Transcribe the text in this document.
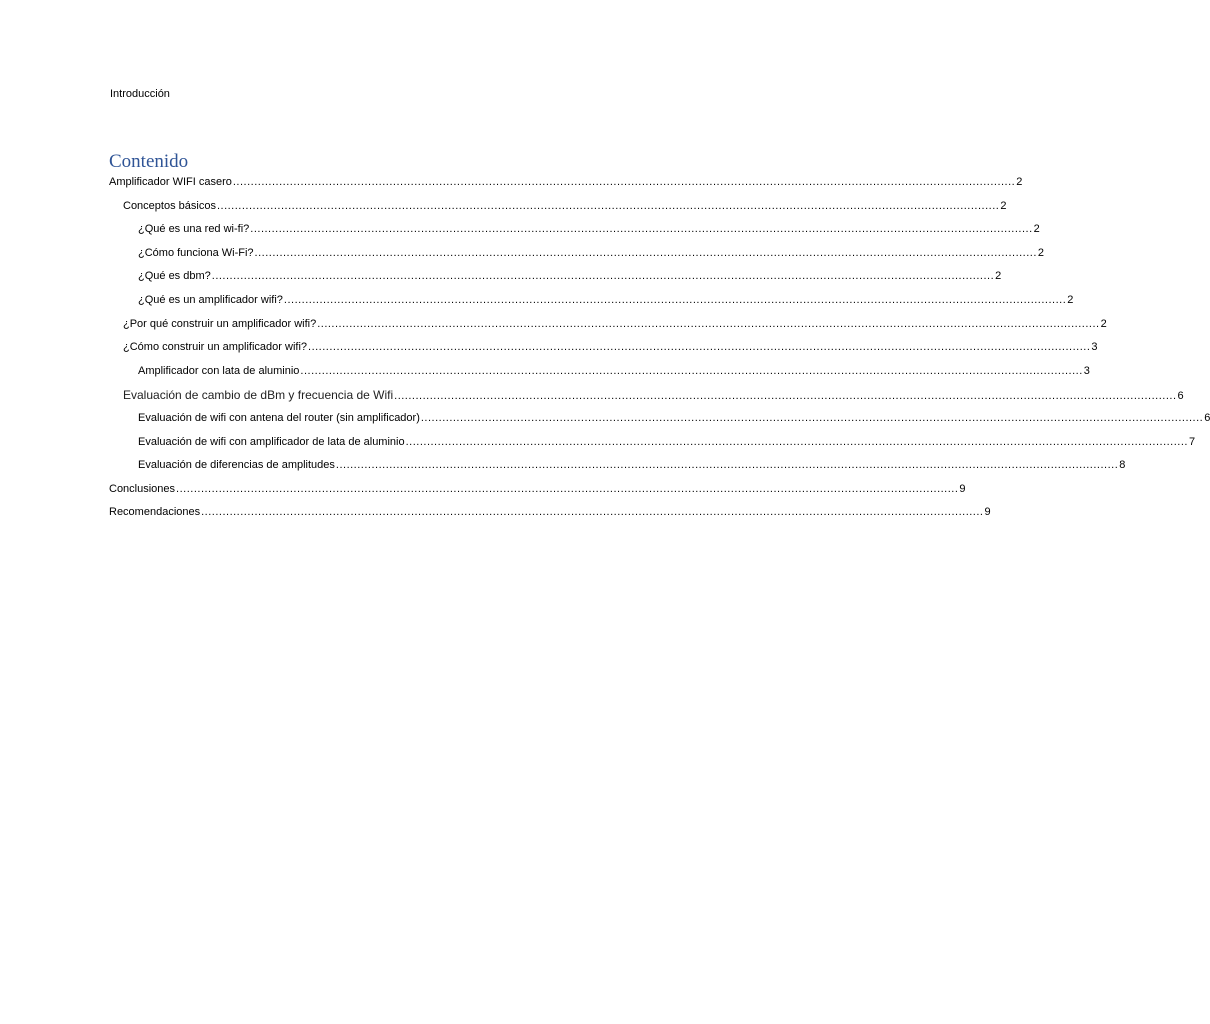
Introducción
Contenido
Amplificador WIFI casero ............................................................................................................................................................................................................................ 2
Conceptos básicos ............................................................................................................................................................................................................................ 2
¿Qué es una red wi-fi? ............................................................................................................................................................................................................................ 2
¿Cómo funciona Wi-Fi? ............................................................................................................................................................................................................................ 2
¿Qué es dbm? ............................................................................................................................................................................................................................ 2
¿Qué es un amplificador wifi? ............................................................................................................................................................................................................................ 2
¿Por qué construir un amplificador wifi? ............................................................................................................................................................................................................................ 2
¿Cómo construir un amplificador wifi? ............................................................................................................................................................................................................................ 3
Amplificador con lata de aluminio ............................................................................................................................................................................................................................ 3
Evaluación de cambio de dBm y frecuencia de Wifi ............................................................................................................................................................................................................................ 6
Evaluación de wifi con antena del router (sin amplificador) ............................................................................................................................................................................................................................ 6
Evaluación de wifi con amplificador de lata de aluminio ............................................................................................................................................................................................................................ 7
Evaluación de diferencias de amplitudes ............................................................................................................................................................................................................................ 8
Conclusiones ............................................................................................................................................................................................................................ 9
Recomendaciones ............................................................................................................................................................................................................................ 9
